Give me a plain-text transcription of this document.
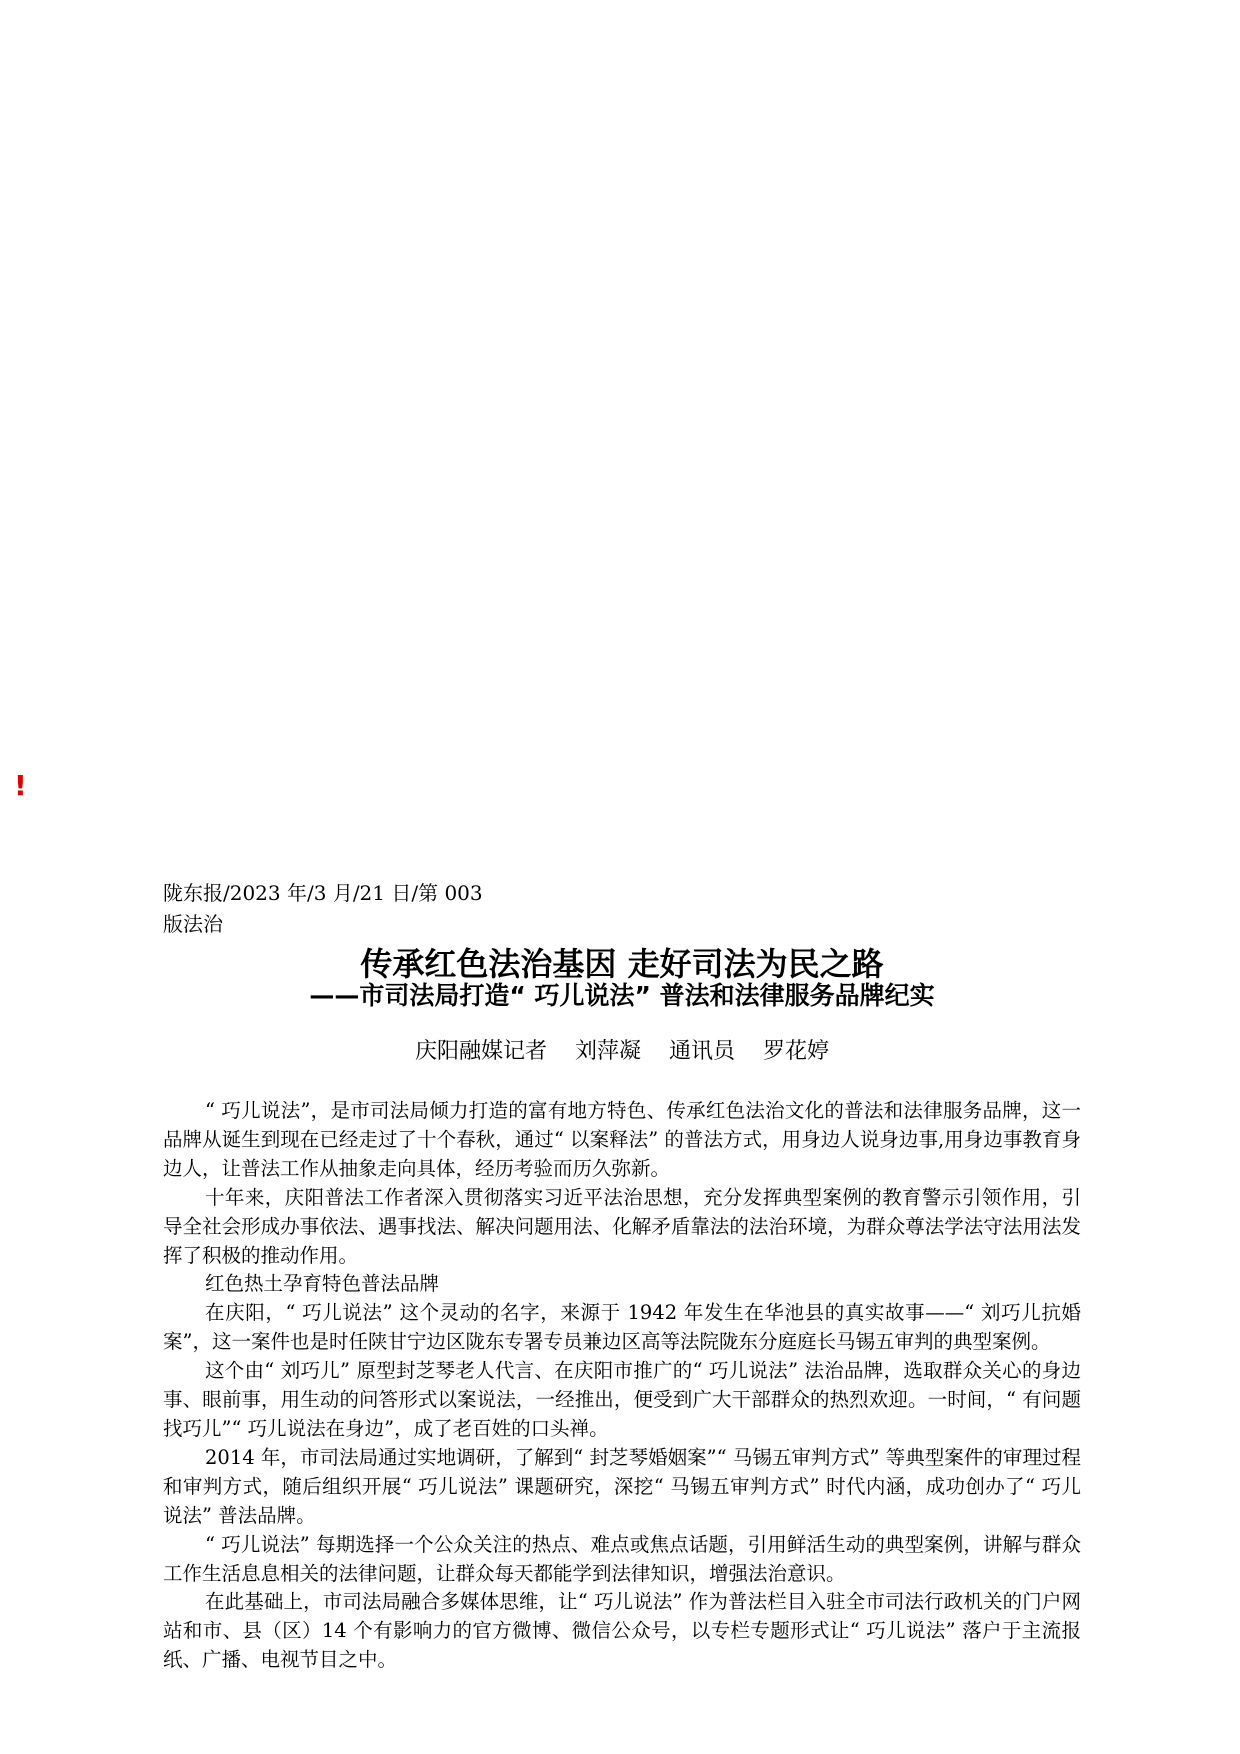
!
陇东报/2023 年/3 月/21 日/第 003 版法治
传承红色法治基因 走好司法为民之路
——市司法局打造“ 巧儿说法” 普法和法律服务品牌纪实
庆阳融媒记者    刘萍凝    通讯员    罗花婷

“ 巧儿说法”，是市司法局倾力打造的富有地方特色、传承红色法治文化的普法和法律服务品牌，这一品牌从诞生到现在已经走过了十个春秋，通过“ 以案释法” 的普法方式，用身边人说身边事,用身边事教育身边人，让普法工作从抽象走向具体，经历考验而历久弥新。

十年来，庆阳普法工作者深入贯彻落实习近平法治思想，充分发挥典型案例的教育警示引领作用，引导全社会形成办事依法、遇事找法、解决问题用法、化解矛盾靠法的法治环境，为群众尊法学法守法用法发挥了积极的推动作用。

红色热土孕育特色普法品牌

在庆阳，“ 巧儿说法” 这个灵动的名字，来源于 1942 年发生在华池县的真实故事——“ 刘巧儿抗婚案”，这一案件也是时任陕甘宁边区陇东专署专员兼边区高等法院陇东分庭庭长马锡五审判的典型案例。

这个由“ 刘巧儿” 原型封芝琴老人代言、在庆阳市推广的“ 巧儿说法” 法治品牌，选取群众关心的身边事、眼前事，用生动的问答形式以案说法，一经推出，便受到广大干部群众的热烈欢迎。一时间，“ 有问题找巧儿”“ 巧儿说法在身边”，成了老百姓的口头禅。

2014 年，市司法局通过实地调研，了解到“ 封芝琴婚姻案”“ 马锡五审判方式” 等典型案件的审理过程和审判方式，随后组织开展“ 巧儿说法” 课题研究，深挖“ 马锡五审判方式” 时代内涵，成功创办了“ 巧儿说法” 普法品牌。

“ 巧儿说法” 每期选择一个公众关注的热点、难点或焦点话题，引用鲜活生动的典型案例，讲解与群众工作生活息息相关的法律问题，让群众每天都能学到法律知识，增强法治意识。

在此基础上，市司法局融合多媒体思维，让“ 巧儿说法” 作为普法栏目入驻全市司法行政机关的门户网站和市、县（区）14 个有影响力的官方微博、微信公众号，以专栏专题形式让“ 巧儿说法” 落户于主流报纸、广播、电视节目之中。
